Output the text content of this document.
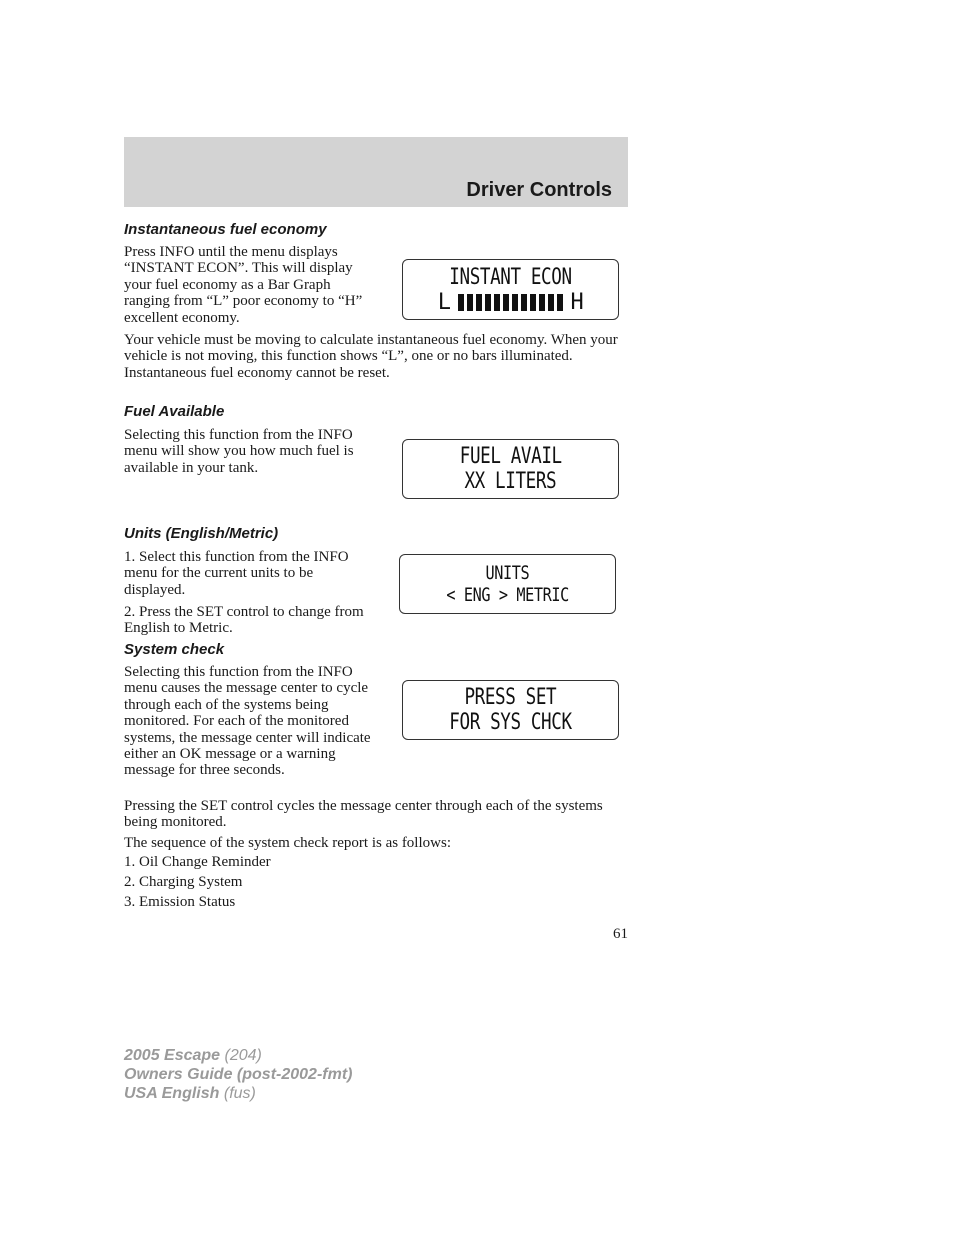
Driver Controls
Instantaneous fuel economy

Press INFO until the menu displays “INSTANT ECON”. This will display your fuel economy as a Bar Graph ranging from “L” poor economy to “H” excellent economy.

INSTANT ECON
L	H

Your vehicle must be moving to calculate instantaneous fuel economy. When your vehicle is not moving, this function shows “L”, one or no bars illuminated. Instantaneous fuel economy cannot be reset.

Fuel Available

Selecting this function from the INFO menu will show you how much fuel is available in your tank.	FUEL AVAIL
XX LITERS
Units (English/Metric)

1. Select this function from the INFO menu for the current units to be displayed.

2. Press the SET control to change from English to Metric.

UNITS
< ENG > METRIC
System check

Selecting this function from the INFO menu causes the message center to cycle through each of the systems being monitored. For each of the monitored systems, the message center will indicate either an OK message or a warning message for three seconds.

PRESS SET
FOR SYS CHCK

Pressing the SET control cycles the message center through each of the systems being monitored.

The sequence of the system check report is as follows:

1. Oil Change Reminder

2. Charging System

3. Emission Status

61
2005 Escape (204)
Owners Guide (post-2002-fmt)
USA English (fus)
